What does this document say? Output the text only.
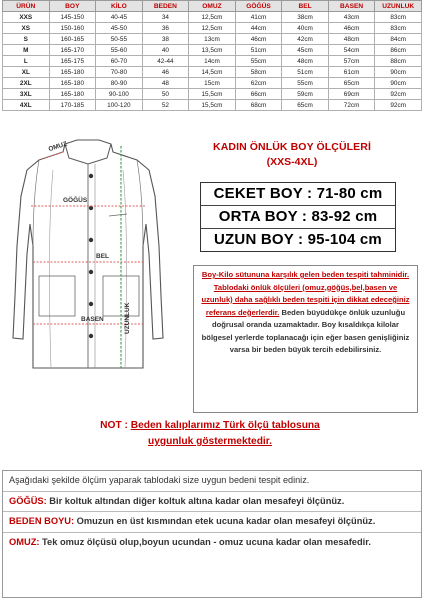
ÜRÜN	BOY	KİLO	BEDEN	OMUZ	GÖĞÜS	BEL	BASEN	UZUNLUK
XXS	145-150	40-45	34	12,5cm	41cm	38cm	43cm	83cm
XS	150-160	45-50	36	12,5cm	44cm	40cm	46cm	83cm
S	160-165	50-55	38	13cm	46cm	42cm	48cm	84cm
M	165-170	55-60	40	13,5cm	51cm	45cm	54cm	86cm
L	165-175	60-70	42-44	14cm	55cm	48cm	57cm	88cm
XL	165-180	70-80	46	14,5cm	58cm	51cm	61cm	90cm
2XL	165-180	80-90	48	15cm	62cm	55cm	65cm	90cm
3XL	165-180	90-100	50	15,5cm	66cm	59cm	69cm	92cm
4XL	170-185	100-120	52	15,5cm	68cm	65cm	72cm	92cm
OMUZ
GÖĞÜS
BEL
BASEN	UZUNLUK
KADIN ÖNLÜK BOY ÖLÇÜLERİ
(XXS-4XL)
CEKET BOY : 71-80 cm
ORTA BOY : 83-92 cm
UZUN BOY : 95-104 cm
Boy-Kilo sütununa karşılık gelen beden tespiti tahminidir. Tablodaki önlük ölçüleri (omuz,göğüs,bel,basen ve uzunluk) daha sağlıklı beden tespiti için dikkat edeceğiniz referans değerlerdir. Beden büyüdükçe önlük uzunluğu doğrusal oranda uzamaktadır. Boy kısaldıkça kilolar bölgesel yerlerde toplanacağı için eğer basen genişliğiniz varsa bir beden büyük tercih edebilirsiniz.
NOT : Beden kalıplarımız Türk ölçü tablosuna uygunluk göstermektedir.
Aşağıdaki şekilde ölçüm yaparak tablodaki size uygun bedeni tespit ediniz.
GÖĞÜS: Bir koltuk altından diğer koltuk altına kadar olan mesafeyi ölçünüz.
BEDEN BOYU: Omuzun en üst kısmından etek ucuna kadar olan mesafeyi ölçünüz.
OMUZ: Tek omuz ölçüsü olup,boyun ucundan - omuz ucuna kadar olan mesafedir.
